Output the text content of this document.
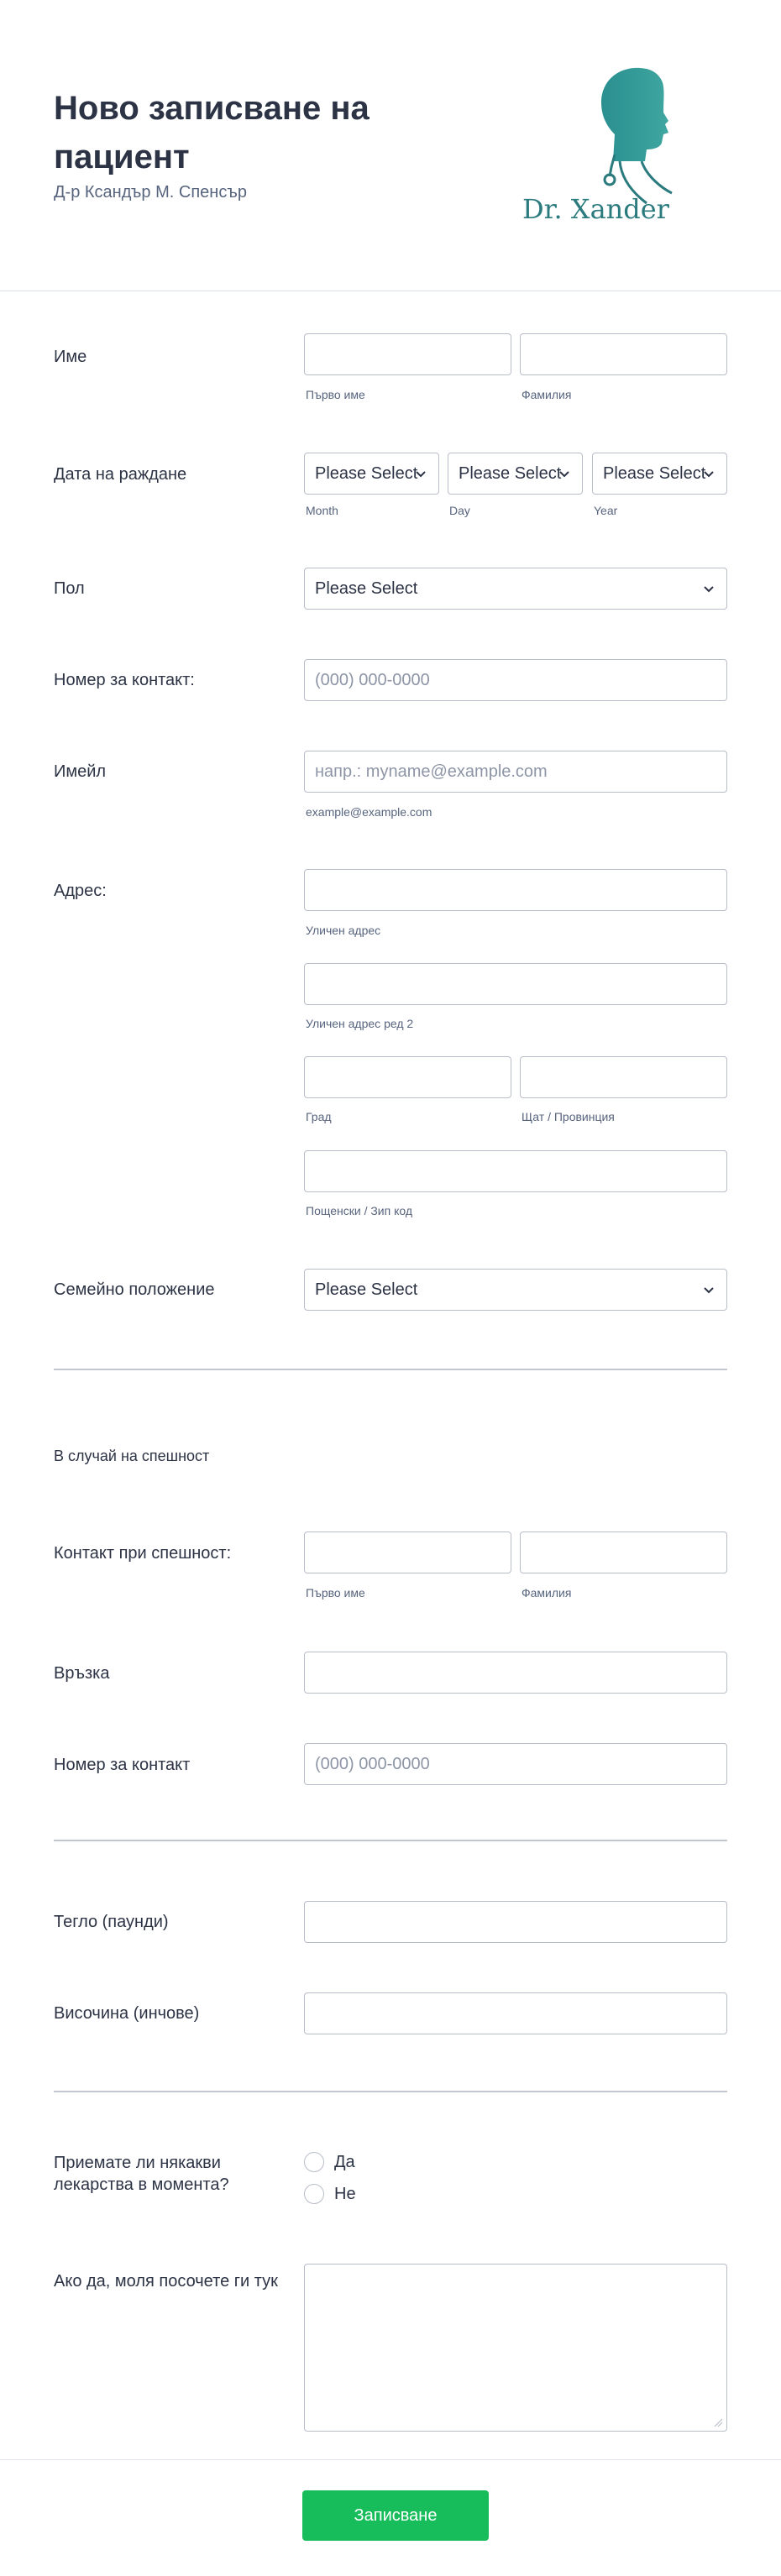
Ново записване на пациент
Д-р Ксандър М. Спенсър
Dr. Xander
Име
Първо име	Фамилия
Дата на раждане	Please Select Please Select Please Select
Month	Day	Year
Пол	Please Select
Номер за контакт:	(000) 000-0000
Имейл	напр.: myname@example.com
example@example.com
Адрес:
Уличен адрес
Уличен адрес ред 2
Град	Щат / Провинция
Пощенски / Зип код
Семейно положение	Please Select
В случай на спешност
Контакт при спешност:
Първо име	Фамилия
Връзка
Номер за контакт	(000) 000-0000
Тегло (паунди)
Височина (инчове)
Приемате ли някакви лекарства в момента?
Да
Не
Ако да, моля посочете ги тук
Записване
